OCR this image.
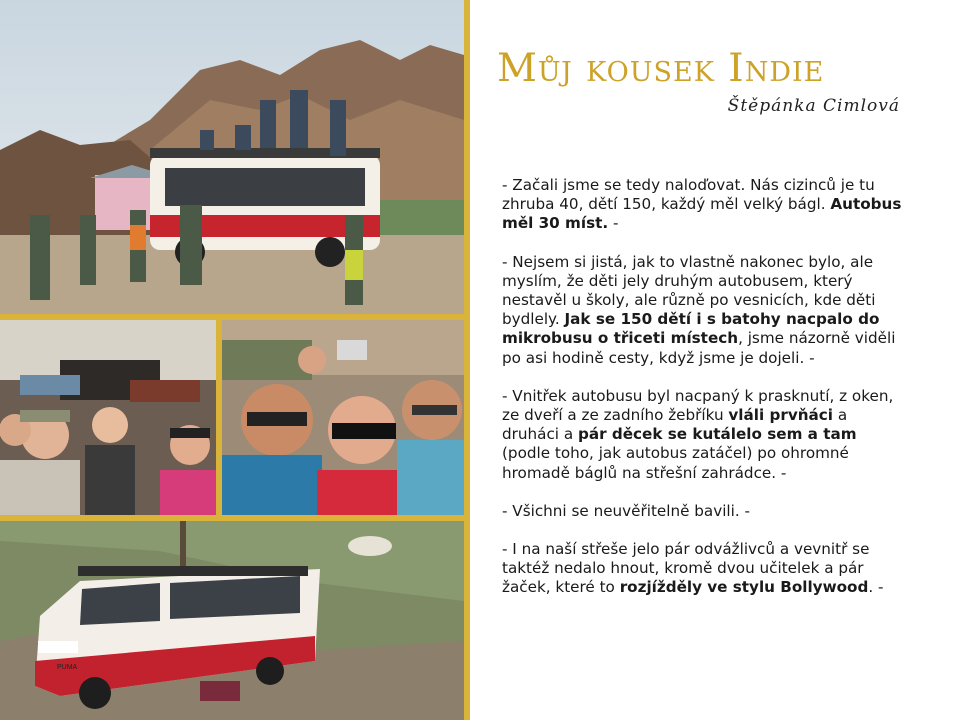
PUMA
Můj kousek Indie
Štěpánka Cimlová

- Začali jsme se tedy naloďovat. Nás cizinců je tu zhruba 40, dětí 150, každý měl velký bágl. Autobus měl 30 míst. -

- Nejsem si jistá, jak to vlastně nakonec bylo, ale myslím, že děti jely druhým autobusem, který nestavěl u školy, ale různě po vesnicích, kde děti bydlely. Jak se 150 dětí i s batohy nacpalo do mikrobusu o třiceti místech, jsme názorně viděli po asi hodině cesty, když jsme je dojeli. -

- Vnitřek autobusu byl nacpaný k prasknutí, z oken, ze dveří a ze zadního žebříku vláli prvňáci a druháci a pár děcek se kutálelo sem a tam (podle toho, jak autobus zatáčel) po ohromné hromadě báglů na střešní zahrádce. -

- Všichni se neuvěřitelně bavili. -

- I na naší střeše jelo pár odvážlivců a vevnitř se taktéž nedalo hnout, kromě dvou učitelek a pár žaček, které to rozjížděly ve stylu Bollywood. -
